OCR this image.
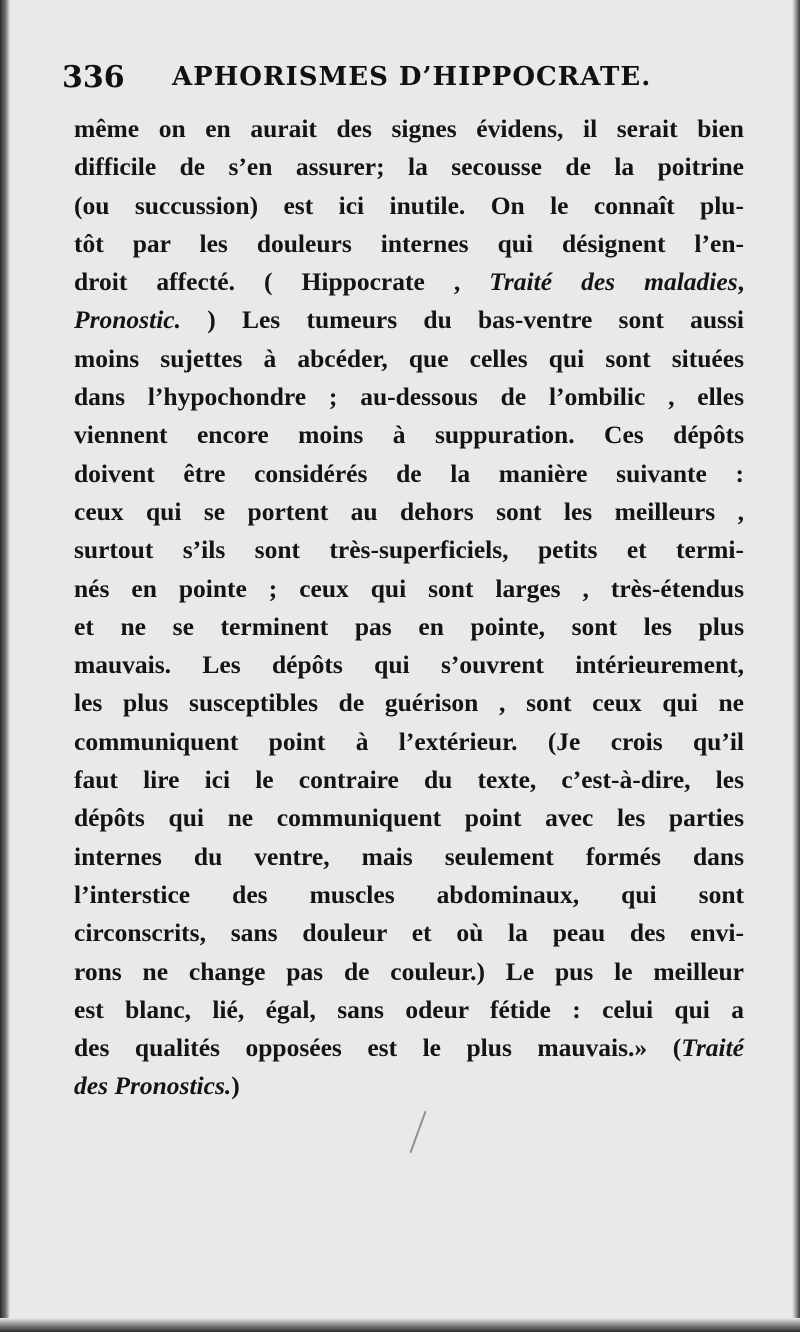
336 APHORISMES D’HIPPOCRATE.
même on en aurait des signes évidens, il serait bien
difficile de s’en assurer; la secousse de la poitrine
(ou succussion) est ici inutile. On le connaît plu-
tôt par les douleurs internes qui désignent l’en-
droit affecté. ( Hippocrate , Traité des maladies,
Pronostic. ) Les tumeurs du bas-ventre sont aussi
moins sujettes à abcéder, que celles qui sont situées
dans l’hypochondre ; au-dessous de l’ombilic , elles
viennent encore moins à suppuration. Ces dépôts
doivent être considérés de la manière suivante :
ceux qui se portent au dehors sont les meilleurs ,
surtout s’ils sont très-superficiels, petits et termi-
nés en pointe ; ceux qui sont larges , très-étendus
et ne se terminent pas en pointe, sont les plus
mauvais. Les dépôts qui s’ouvrent intérieurement,
les plus susceptibles de guérison , sont ceux qui ne
communiquent point à l’extérieur. (Je crois qu’il
faut lire ici le contraire du texte, c’est-à-dire, les
dépôts qui ne communiquent point avec les parties
internes du ventre, mais seulement formés dans
l’interstice des muscles abdominaux, qui sont
circonscrits, sans douleur et où la peau des envi-
rons ne change pas de couleur.) Le pus le meilleur
est blanc, lié, égal, sans odeur fétide : celui qui a
des qualités opposées est le plus mauvais.» (Traité
des Pronostics.)
